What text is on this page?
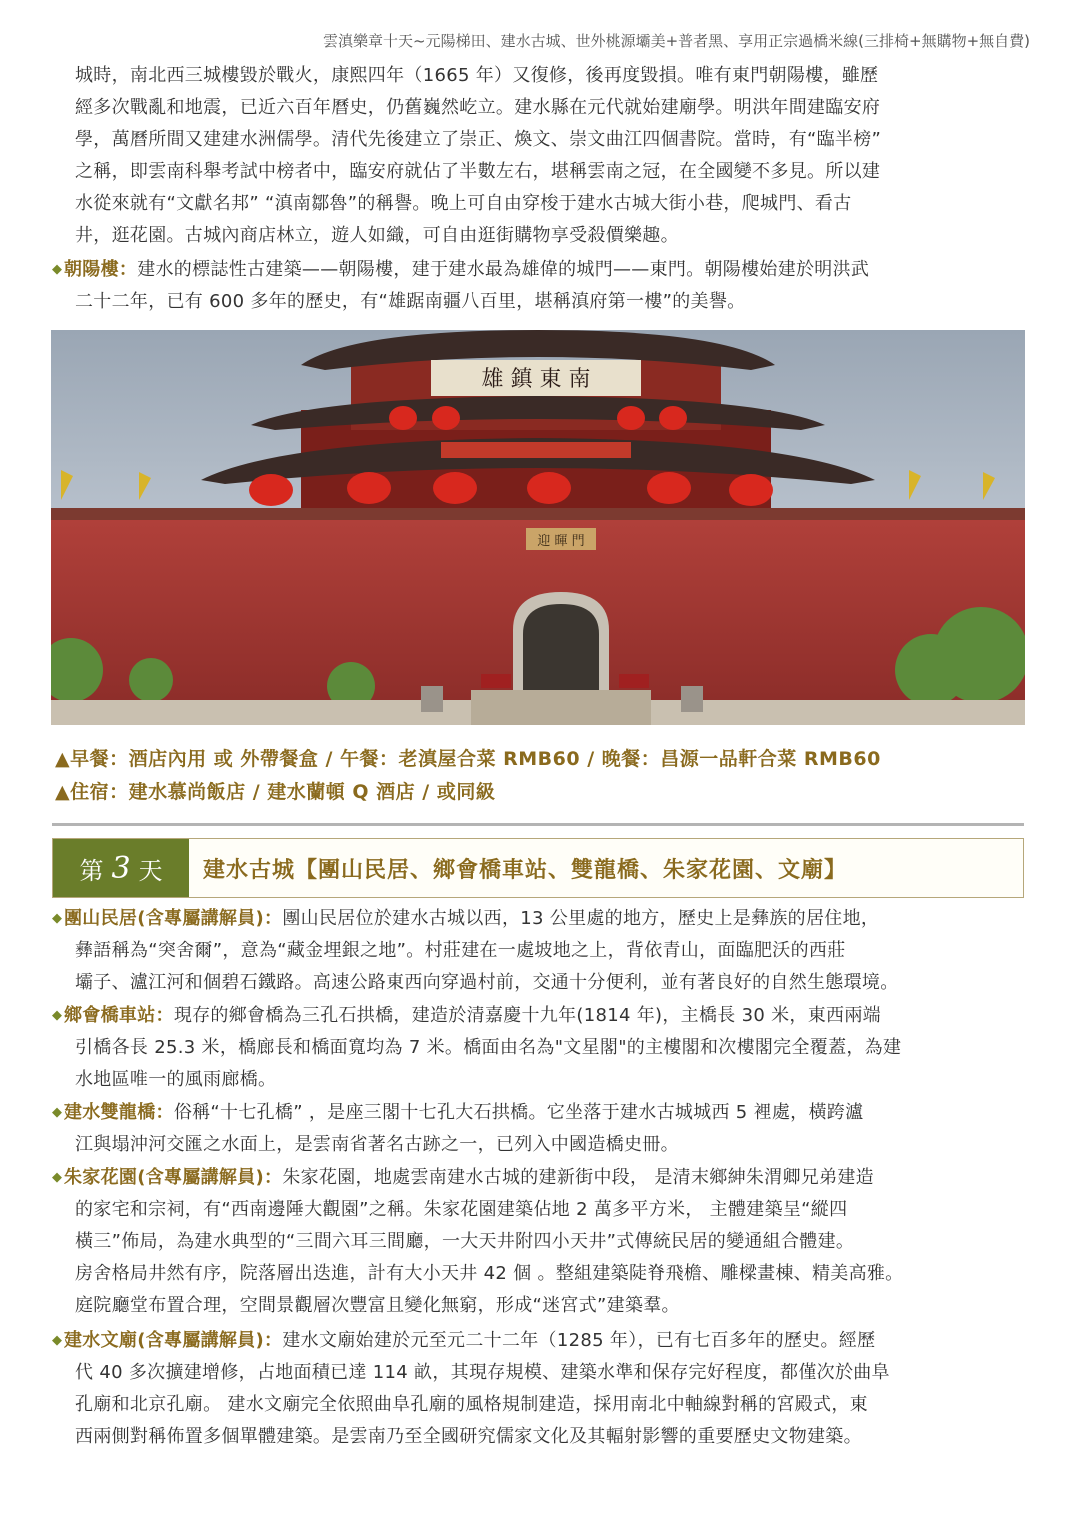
雲滇樂章十天~元陽梯田、建水古城、世外桃源壩美+普者黑、享用正宗過橋米線(三排椅+無購物+無自費)
城時，南北西三城樓毀於戰火，康熙四年（1665 年）又復修，後再度毀損。唯有東門朝陽樓，雖歷
經多次戰亂和地震，已近六百年曆史，仍舊巍然屹立。建水縣在元代就始建廟學。明洪年間建臨安府
學，萬曆所間又建建水洲儒學。清代先後建立了崇正、煥文、崇文曲江四個書院。當時，有“臨半榜”
之稱，即雲南科舉考試中榜者中，臨安府就佔了半數左右，堪稱雲南之冠，在全國變不多見。所以建
水從來就有“文獻名邦” “滇南鄒魯”的稱譽。晚上可自由穿梭于建水古城大街小巷，爬城門、看古
井，逛花園。古城內商店林立，遊人如織，可自由逛街購物享受殺價樂趣。
◆朝陽樓：建水的標誌性古建築——朝陽樓，建于建水最為雄偉的城門——東門。朝陽樓始建於明洪武
二十二年，已有 600 多年的歷史，有“雄踞南疆八百里，堪稱滇府第一樓”的美譽。
雄 鎮 東 南
迎 暉 門
▲早餐：酒店內用 或 外帶餐盒 / 午餐：老滇屋合菜 RMB60 / 晚餐：昌源一品軒合菜 RMB60
▲住宿：建水慕尚飯店 / 建水蘭頓 Q 酒店 / 或同級
第 3 天	建水古城【團山民居、鄉會橋車站、雙龍橋、朱家花園、文廟】
◆團山民居(含專屬講解員)：團山民居位於建水古城以西，13 公里處的地方，歷史上是彝族的居住地，
彝語稱為“突舍爾”，意為“藏金埋銀之地”。村莊建在一處坡地之上，背依青山，面臨肥沃的西莊
壩子、瀘江河和個碧石鐵路。高速公路東西向穿過村前，交通十分便利，並有著良好的自然生態環境。
◆鄉會橋車站：現存的鄉會橋為三孔石拱橋，建造於清嘉慶十九年(1814 年)，主橋長 30 米，東西兩端
引橋各長 25.3 米，橋廊長和橋面寬均為 7 米。橋面由名為"文星閣"的主樓閣和次樓閣完全覆蓋，為建
水地區唯一的風雨廊橋。
◆建水雙龍橋：俗稱“十七孔橋” ，是座三閣十七孔大石拱橋。它坐落于建水古城城西 5 裡處，橫跨瀘
江與塌沖河交匯之水面上，是雲南省著名古跡之一，已列入中國造橋史冊。
◆朱家花園(含專屬講解員)：朱家花園，地處雲南建水古城的建新街中段， 是清末鄉紳朱渭卿兄弟建造
的家宅和宗祠，有“西南邊陲大觀園”之稱。朱家花園建築佔地 2 萬多平方米， 主體建築呈“縱四
橫三”佈局，為建水典型的“三間六耳三間廳，一大天井附四小天井”式傳統民居的變通組合體建。
房舍格局井然有序，院落層出迭進，計有大小天井 42 個 。整組建築陡脊飛檐、雕樑畫棟、精美高雅。
庭院廳堂布置合理，空間景觀層次豐富且變化無窮，形成“迷宮式”建築羣。
◆建水文廟(含專屬講解員)：建水文廟始建於元至元二十二年（1285 年），已有七百多年的歷史。經歷
代 40 多次擴建增修，占地面積已達 114 畝，其現存規模、建築水準和保存完好程度，都僅次於曲阜
孔廟和北京孔廟。 建水文廟完全依照曲阜孔廟的風格規制建造，採用南北中軸線對稱的宮殿式，東
西兩側對稱佈置多個單體建築。是雲南乃至全國研究儒家文化及其輻射影響的重要歷史文物建築。
